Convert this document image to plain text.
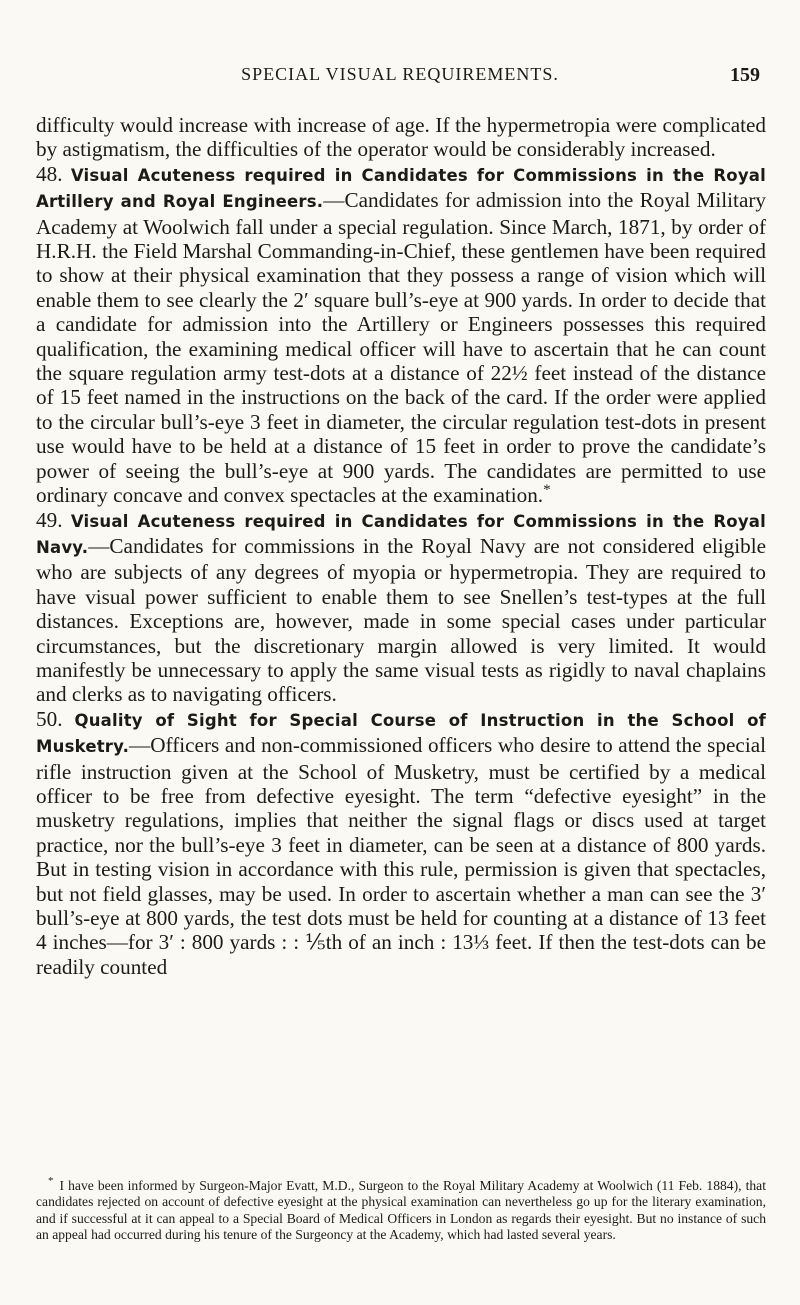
SPECIAL VISUAL REQUIREMENTS.	159

difficulty would increase with increase of age. If the hypermetropia were complicated by astigmatism, the difficulties of the operator would be considerably increased.

48. Visual Acuteness required in Candidates for Commissions in the Royal Artillery and Royal Engineers.—Candidates for admission into the Royal Military Academy at Woolwich fall under a special regulation. Since March, 1871, by order of H.R.H. the Field Marshal Commanding-in-Chief, these gentlemen have been required to show at their physical examination that they possess a range of vision which will enable them to see clearly the 2′ square bull’s-eye at 900 yards. In order to decide that a candidate for admission into the Artillery or Engineers possesses this required qualification, the examining medical officer will have to ascertain that he can count the square regulation army test-dots at a distance of 22½ feet instead of the distance of 15 feet named in the instructions on the back of the card. If the order were applied to the circular bull’s-eye 3 feet in diameter, the circular regulation test-dots in present use would have to be held at a distance of 15 feet in order to prove the candidate’s power of seeing the bull’s-eye at 900 yards. The candidates are permitted to use ordinary concave and convex spectacles at the examination.*

49. Visual Acuteness required in Candidates for Commissions in the Royal Navy.—Candidates for commissions in the Royal Navy are not considered eligible who are subjects of any degrees of myopia or hypermetropia. They are required to have visual power sufficient to enable them to see Snellen’s test-types at the full distances. Exceptions are, however, made in some special cases under particular circumstances, but the discretionary margin allowed is very limited. It would manifestly be unnecessary to apply the same visual tests as rigidly to naval chaplains and clerks as to navigating officers.

50. Quality of Sight for Special Course of Instruction in the School of Musketry.—Officers and non-commissioned officers who desire to attend the special rifle instruction given at the School of Musketry, must be certified by a medical officer to be free from defective eyesight. The term “defective eyesight” in the musketry regulations, implies that neither the signal flags or discs used at target practice, nor the bull’s-eye 3 feet in diameter, can be seen at a distance of 800 yards. But in testing vision in accordance with this rule, permission is given that spectacles, but not field glasses, may be used. In order to ascertain whether a man can see the 3′ bull’s-eye at 800 yards, the test dots must be held for counting at a distance of 13 feet 4 inches—for 3′ : 800 yards : : ⅕th of an inch : 13⅓ feet. If then the test-dots can be readily counted

* I have been informed by Surgeon-Major Evatt, M.D., Surgeon to the Royal Military Academy at Woolwich (11 Feb. 1884), that candidates rejected on account of defective eyesight at the physical examination can nevertheless go up for the literary examination, and if successful at it can appeal to a Special Board of Medical Officers in London as regards their eyesight. But no instance of such an appeal had occurred during his tenure of the Surgeoncy at the Academy, which had lasted several years.
